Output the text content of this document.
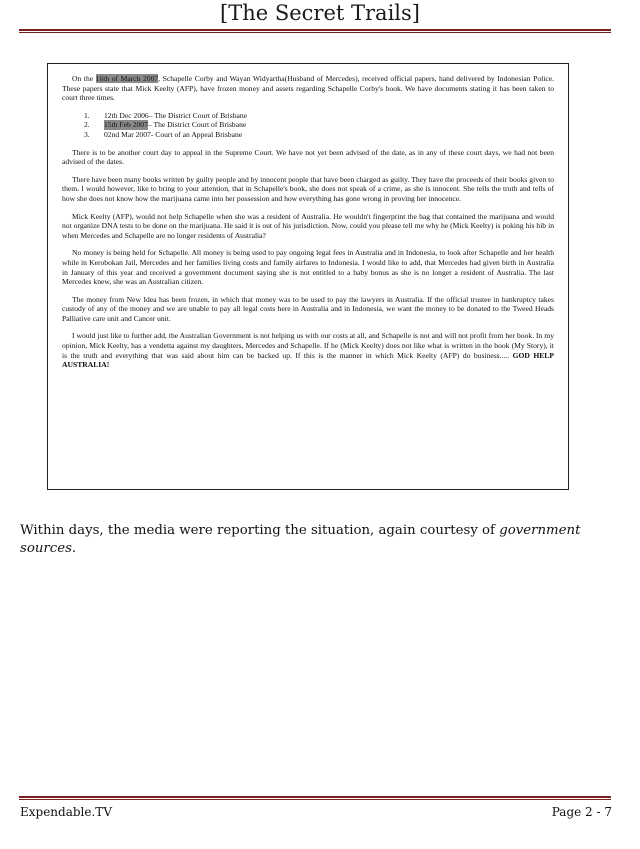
[The Secret Trails]

On the 16th of March 2007, Schapelle Corby and Wayan Widyartha(Husband of Mercedes), received official papers, hand delivered by Indonesian Police. These papers state that Mick Keelty (AFP), have frozen money and assets regarding Schapelle Corby's book. We have documents stating it has been taken to court three times.

1.	12th Dec 2006 – The District Court of Brisbane
2.	15th Feb 2007 – The District Court of Brisbane
3.	02nd Mar 2007 - Court of an Appeal Brisbane

There is to be another court day to appeal in the Supreme Court. We have not yet been advised of the date, as in any of these court days, we had not been advised of the dates.

There have been many books written by guilty people and by innocent people that have been charged as guilty. They have the proceeds of their books given to them. I would however, like to bring to your attention, that in Schapelle's book, she does not speak of a crime, as she is innocent. She tells the truth and tells of how she does not know how the marijuana came into her possession and how everything has gone wrong in proving her innocence.

Mick Keelty (AFP), would not help Schapelle when she was a resident of Australia. He wouldn't fingerprint the bag that contained the marijuana and would not organize DNA tests to be done on the marijuana. He said it is out of his jurisdiction. Now, could you please tell me why he (Mick Keelty) is poking his bib in when Mercedes and Schapelle are no longer residents of Australia?

No money is being held for Schapelle. All money is being used to pay ongoing legal fees in Australia and in Indonesia, to look after Schapelle and her health while in Kerobokan Jail, Mercedes and her families living costs and family airfares to Indonesia. I would like to add, that Mercedes had given birth in Australia in January of this year and received a government document saying she is not entitled to a baby bonus as she is no longer a resident of Australia. The last Mercedes knew, she was an Australian citizen.

The money from New Idea has been frozen, in which that money was to be used to pay the lawyers in Australia. If the official trustee in bankruptcy takes custody of any of the money and we are unable to pay all legal costs here in Australia and in Indonesia, we want the money to be donated to the Tweed Heads Palliative care unit and Cancer unit.

I would just like to further add, the Australian Government is not helping us with our costs at all, and Schapelle is not and will not profit from her book. In my opinion, Mick Keelty, has a vendetta against my daughters, Mercedes and Schapelle. If he (Mick Keelty) does not like what is written in the book (My Story), it is the truth and everything that was said about him can be backed up. If this is the manner in which Mick Keelty (AFP) do business..... GOD HELP AUSTRALIA!

Within days, the media were reporting the situation, again courtesy of government sources.
Expendable.TV	Page 2 - 7
